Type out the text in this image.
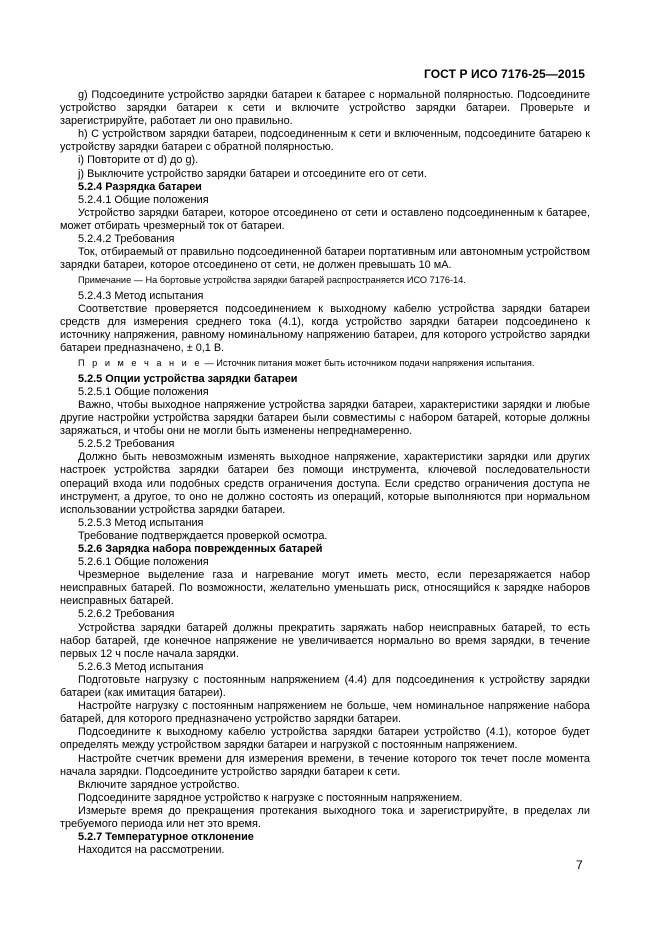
ГОСТ Р ИСО 7176-25—2015

g) Подсоедините устройство зарядки батареи к батарее с нормальной полярностью. Подсоедините устройство зарядки батареи к сети и включите устройство зарядки батареи. Проверьте и зарегистрируйте, работает ли оно правильно.

h) С устройством зарядки батареи, подсоединенным к сети и включенным, подсоедините батарею к устройству зарядки батареи с обратной полярностью.

i) Повторите от d) до g).

j) Выключите устройство зарядки батареи и отсоедините его от сети.

5.2.4 Разрядка батареи

5.2.4.1 Общие положения

Устройство зарядки батареи, которое отсоединено от сети и оставлено подсоединенным к батарее, может отбирать чрезмерный ток от батареи.

5.2.4.2 Требования

Ток, отбираемый от правильно подсоединенной батареи портативным или автономным устройством зарядки батареи, которое отсоединено от сети, не должен превышать 10 мА.

Примечание — На бортовые устройства зарядки батарей распространяется ИСО 7176-14.

5.2.4.3 Метод испытания

Соответствие проверяется подсоединением к выходному кабелю устройства зарядки батареи средств для измерения среднего тока (4.1), когда устройство зарядки батареи подсоединено к источнику напряжения, равному номинальному напряжению батареи, для которого устройство зарядки батареи предназначено, ± 0,1 В.

П р и м е ч а н и е — Источник питания может быть источником подачи напряжения испытания.

5.2.5 Опции устройства зарядки батареи

5.2.5.1 Общие положения

Важно, чтобы выходное напряжение устройства зарядки батареи, характеристики зарядки и любые другие настройки устройства зарядки батареи были совместимы с набором батарей, которые должны заряжаться, и чтобы они не могли быть изменены непреднамеренно.

5.2.5.2 Требования

Должно быть невозможным изменять выходное напряжение, характеристики зарядки или других настроек устройства зарядки батареи без помощи инструмента, ключевой последовательности операций входа или подобных средств ограничения доступа. Если средство ограничения доступа не инструмент, а другое, то оно не должно состоять из операций, которые выполняются при нормальном использовании устройства зарядки батареи.

5.2.5.3 Метод испытания

Требование подтверждается проверкой осмотра.

5.2.6 Зарядка набора поврежденных батарей

5.2.6.1 Общие положения

Чрезмерное выделение газа и нагревание могут иметь место, если перезаряжается набор неисправных батарей. По возможности, желательно уменьшать риск, относящийся к зарядке наборов неисправных батарей.

5.2.6.2 Требования

Устройства зарядки батарей должны прекратить заряжать набор неисправных батарей, то есть набор батарей, где конечное напряжение не увеличивается нормально во время зарядки, в течение первых 12 ч после начала зарядки.

5.2.6.3 Метод испытания

Подготовьте нагрузку с постоянным напряжением (4.4) для подсоединения к устройству зарядки батареи (как имитация батареи).

Настройте нагрузку с постоянным напряжением не больше, чем номинальное напряжение набора батарей, для которого предназначено устройство зарядки батареи.

Подсоедините к выходному кабелю устройства зарядки батареи устройство (4.1), которое будет определять между устройством зарядки батареи и нагрузкой с постоянным напряжением.

Настройте счетчик времени для измерения времени, в течение которого ток течет после момента начала зарядки. Подсоедините устройство зарядки батареи к сети.

Включите зарядное устройство.

Подсоедините зарядное устройство к нагрузке с постоянным напряжением.

Измерьте время до прекращения протекания выходного тока и зарегистрируйте, в пределах ли требуемого периода или нет это время.

5.2.7 Температурное отклонение

Находится на рассмотрении.

7
